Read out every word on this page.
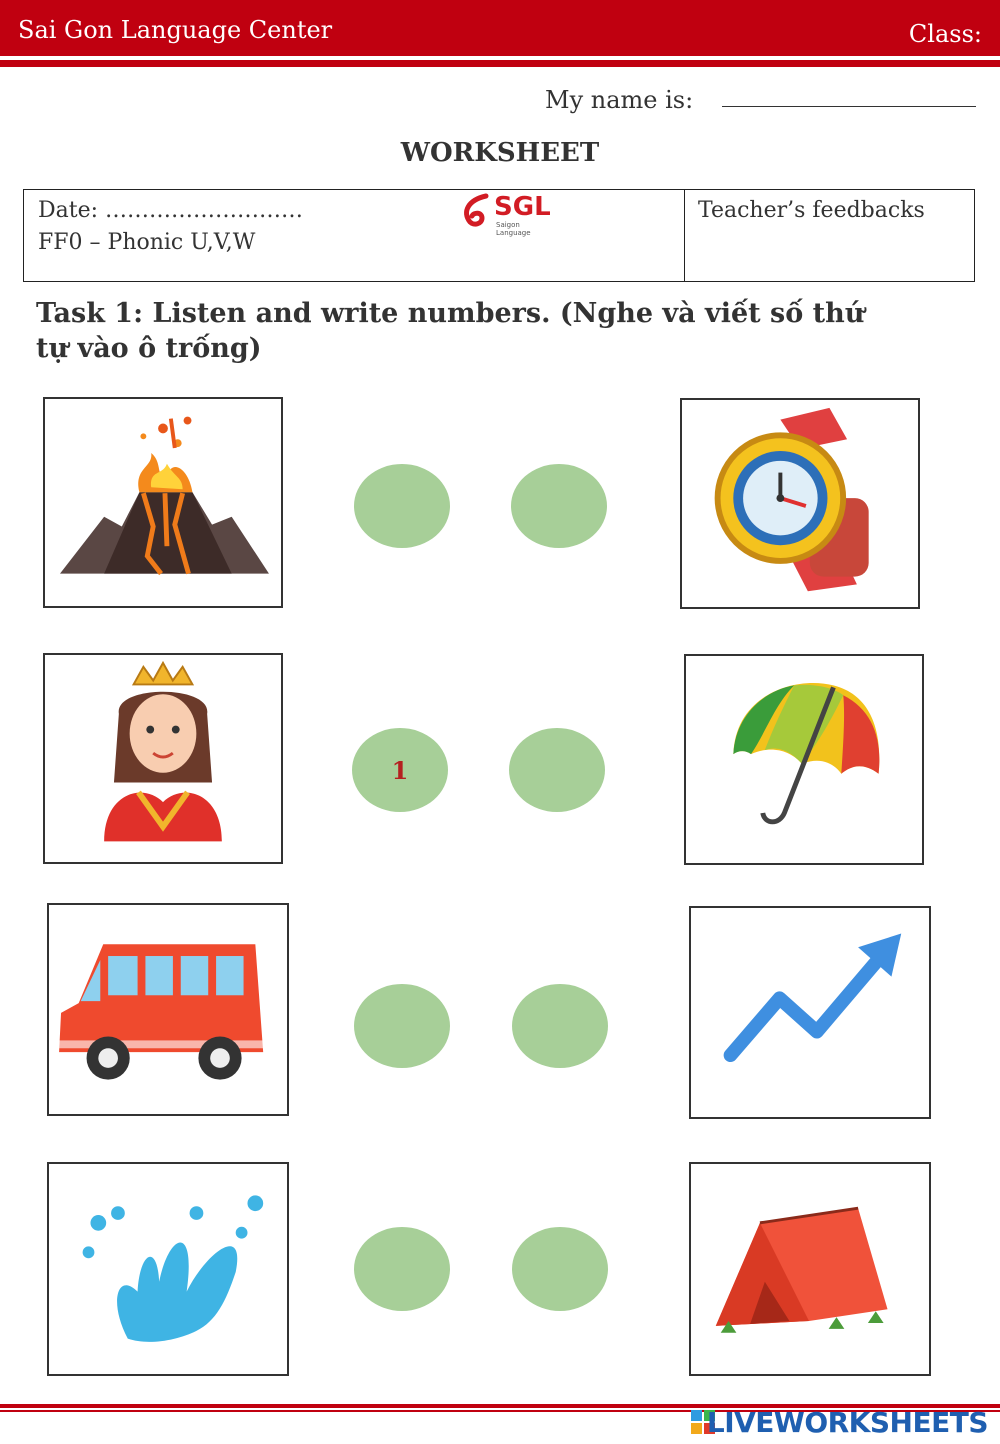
Sai Gon Language Center	Class:
My name is:
WORKSHEET
Date: ………………………
FF0 – Phonic U,V,W
SGL
Saigon Language
Teacher’s feedbacks
Task 1: Listen and write numbers. (Nghe và viết số thứ
tự vào ô trống)
1
LIVEWORKSHEETS
